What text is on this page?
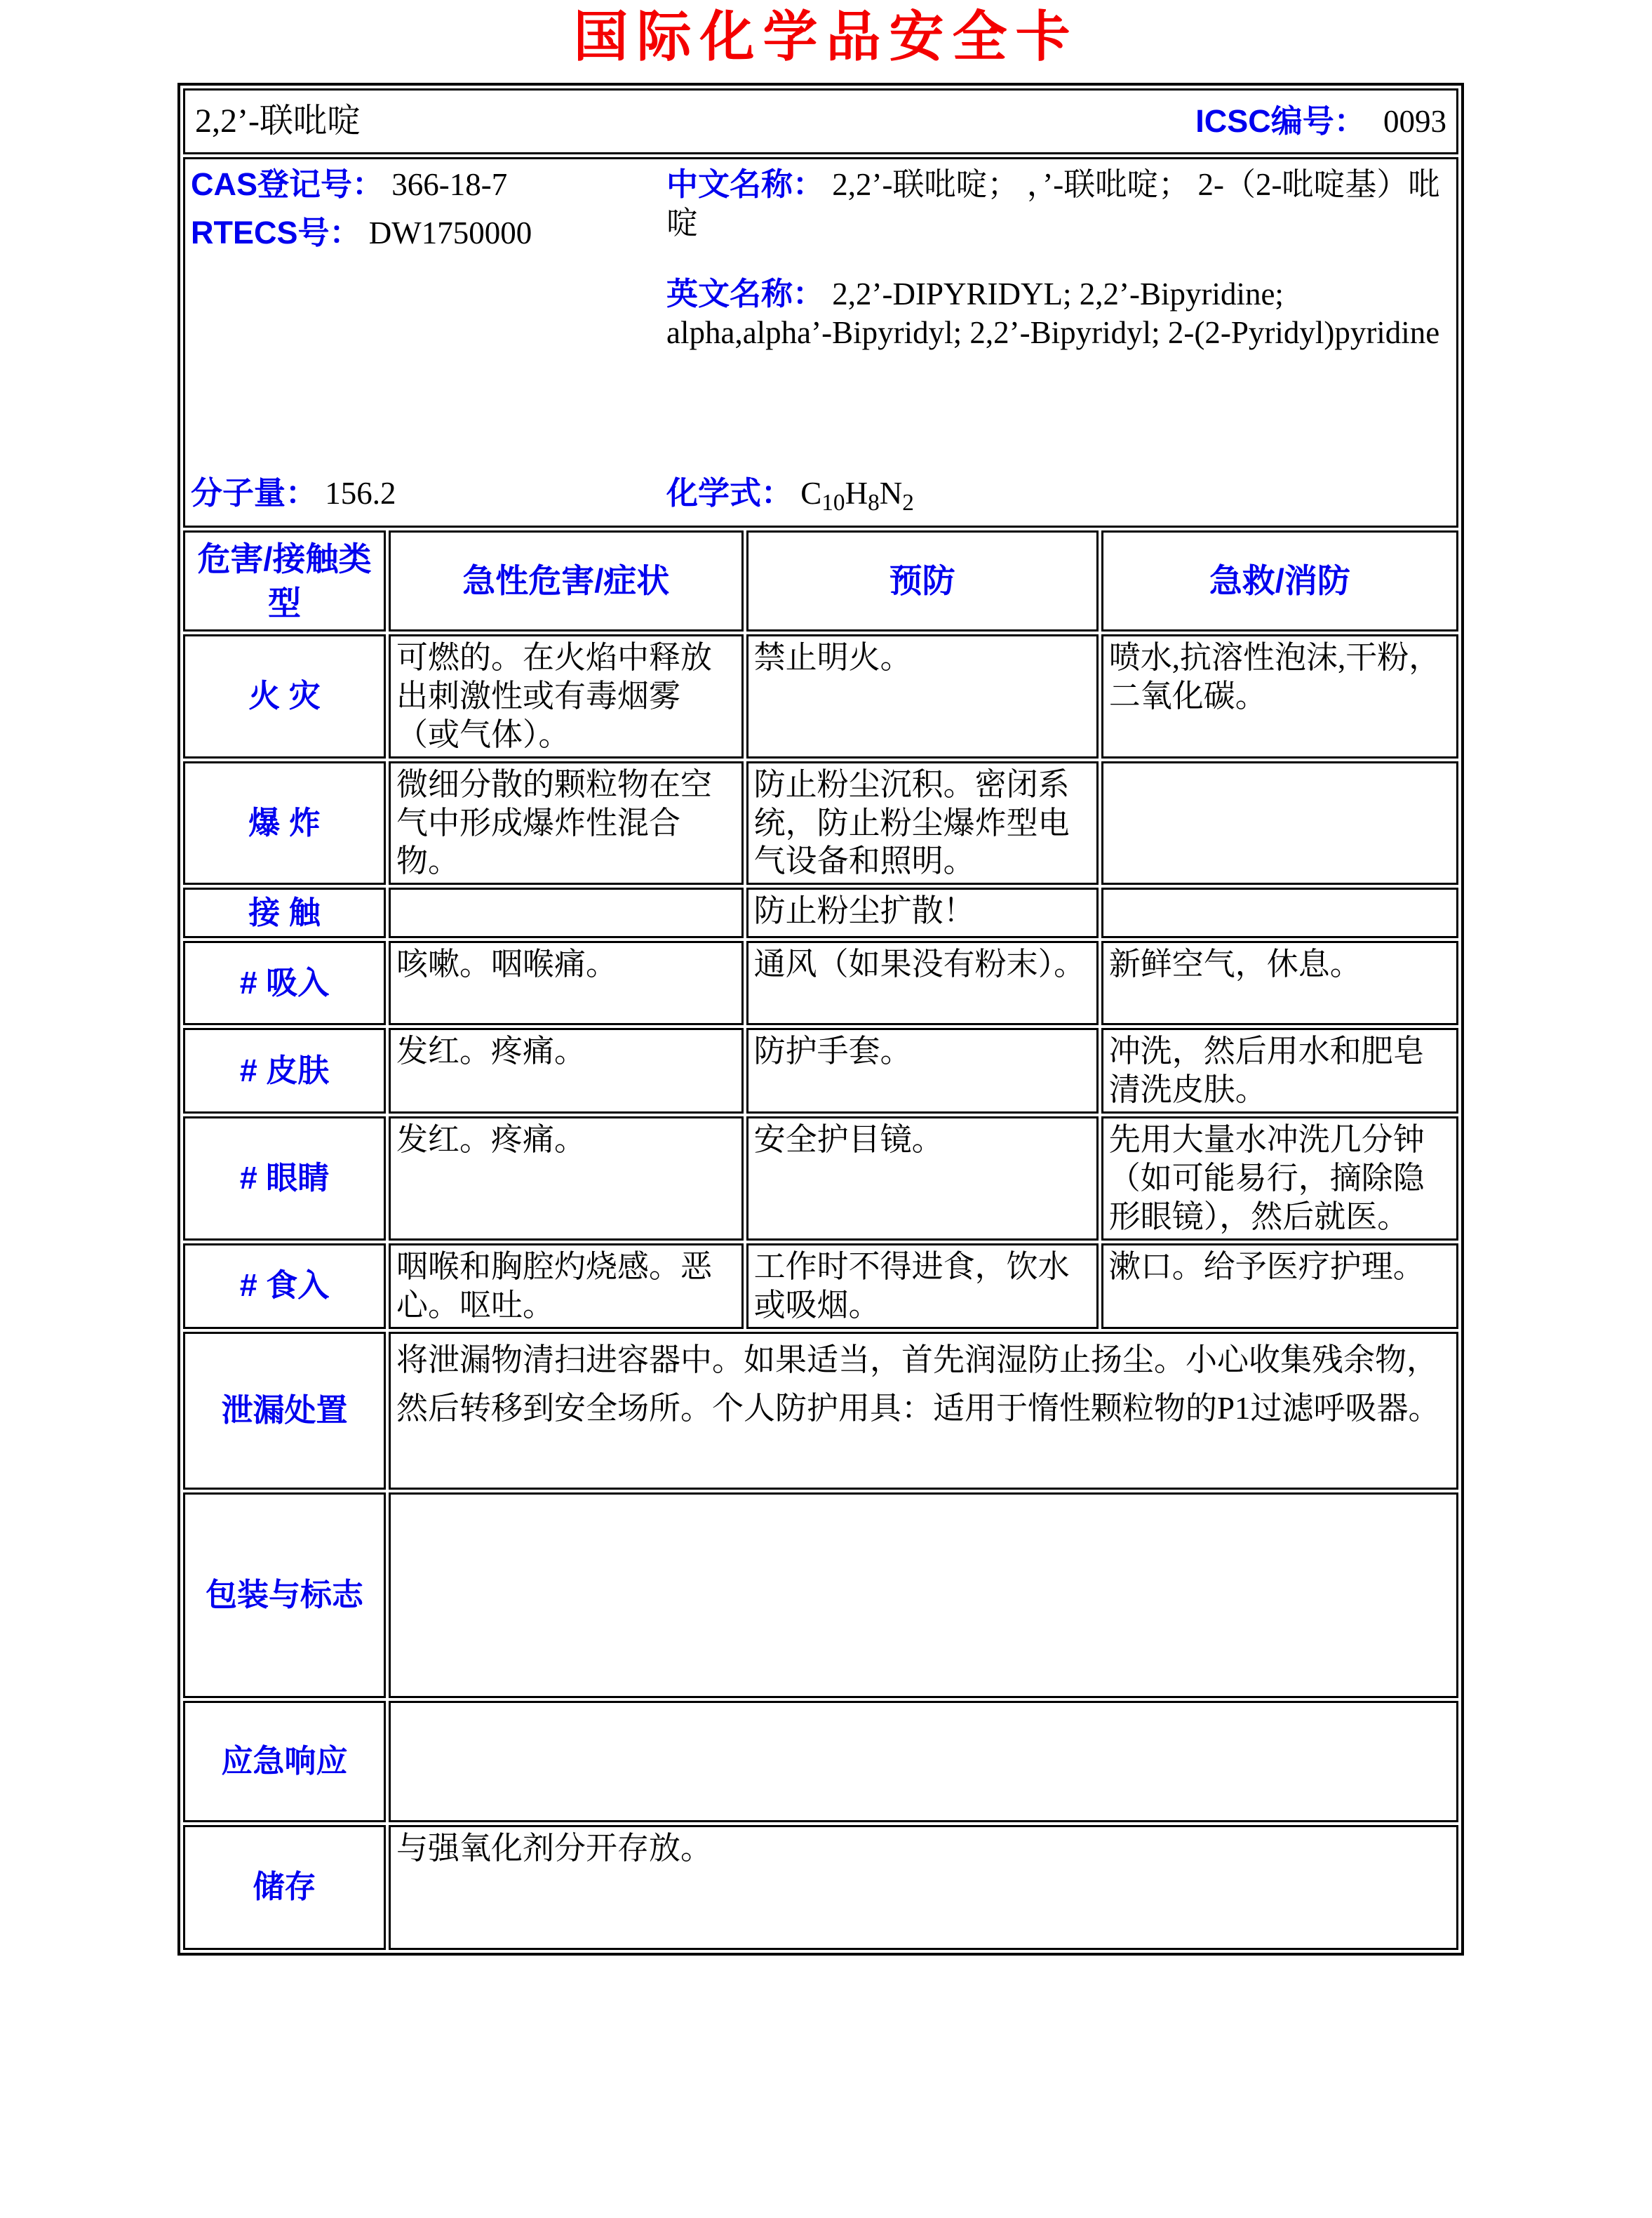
国际化学品安全卡
2,2’-联吡啶 ICSC编号： 0093			

CAS登记号： 366-18-7
RTECS号： DW1750000

中文名称： 2,2’-联吡啶； ，’-联吡啶； 2-（2-吡啶基）吡啶

英文名称： 2,2’-DIPYRIDYL; 2,2’-Bipyridine; alpha,alpha’-Bipyridyl; 2,2’-Bipyridyl; 2-(2-Pyridyl)pyridine

分子量： 156.2	化学式： $C_{10}H_8N_2$

危害/接触类型	急性危害/症状	预防	急救/消防
火 灾	可燃的。在火焰中释放出刺激性或有毒烟雾（或气体）。	禁止明火。	喷水,抗溶性泡沫,干粉，二氧化碳。
爆 炸	微细分散的颗粒物在空气中形成爆炸性混合物。	防止粉尘沉积。密闭系统，防止粉尘爆炸型电气设备和照明。	
接 触		防止粉尘扩散！	
# 吸入	咳嗽。咽喉痛。	通风（如果没有粉末）。	新鲜空气，休息。
# 皮肤	发红。疼痛。	防护手套。	冲洗，然后用水和肥皂清洗皮肤。
# 眼睛	发红。疼痛。	安全护目镜。	先用大量水冲洗几分钟（如可能易行，摘除隐形眼镜），然后就医。
# 食入	咽喉和胸腔灼烧感。恶心。呕吐。	工作时不得进食，饮水或吸烟。	漱口。给予医疗护理。
泄漏处置	将泄漏物清扫进容器中。如果适当，首先润湿防止扬尘。小心收集残余物，然后转移到安全场所。个人防护用具：适用于惰性颗粒物的P1过滤呼吸器。		
包装与标志			
应急响应			
储存	与强氧化剂分开存放。		
